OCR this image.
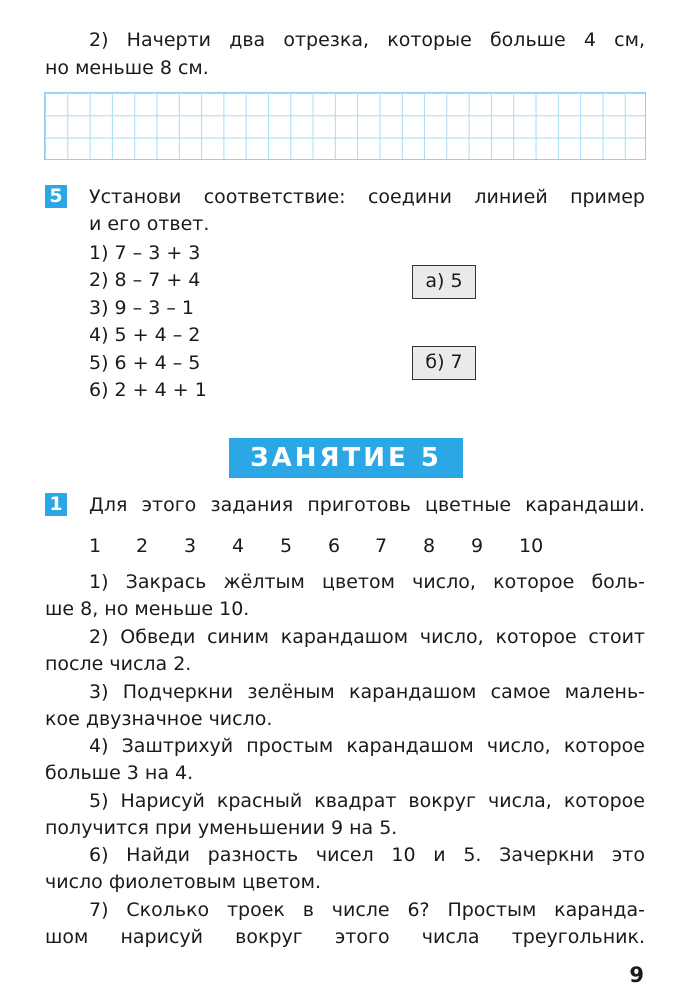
2) Начерти два отрезка, которые больше 4 см,
но меньше 8 см.
5 Установи соответствие: соедини линией пример
и его ответ.
1) 7 – 3 + 3
2) 8 – 7 + 4
3) 9 – 3 – 1
4) 5 + 4 – 2
5) 6 + 4 – 5
6) 2 + 4 + 1
а) 5
б) 7
ЗАНЯТИЕ 5
1 Для этого задания приготовь цветные карандаши.
1 2 3 4 5 6 7 8 9 10
1) Закрась жёлтым цветом число, которое боль-
ше 8, но меньше 10.
2) Обведи синим карандашом число, которое стоит
после числа 2.
3) Подчеркни зелёным карандашом самое малень-
кое двузначное число.
4) Заштрихуй простым карандашом число, которое
больше 3 на 4.
5) Нарисуй красный квадрат вокруг числа, которое
получится при уменьшении 9 на 5.
6) Найди разность чисел 10 и 5. Зачеркни это
число фиолетовым цветом.
7) Сколько троек в числе 6? Простым каранда-
шом нарисуй вокруг этого числа треугольник.
9
